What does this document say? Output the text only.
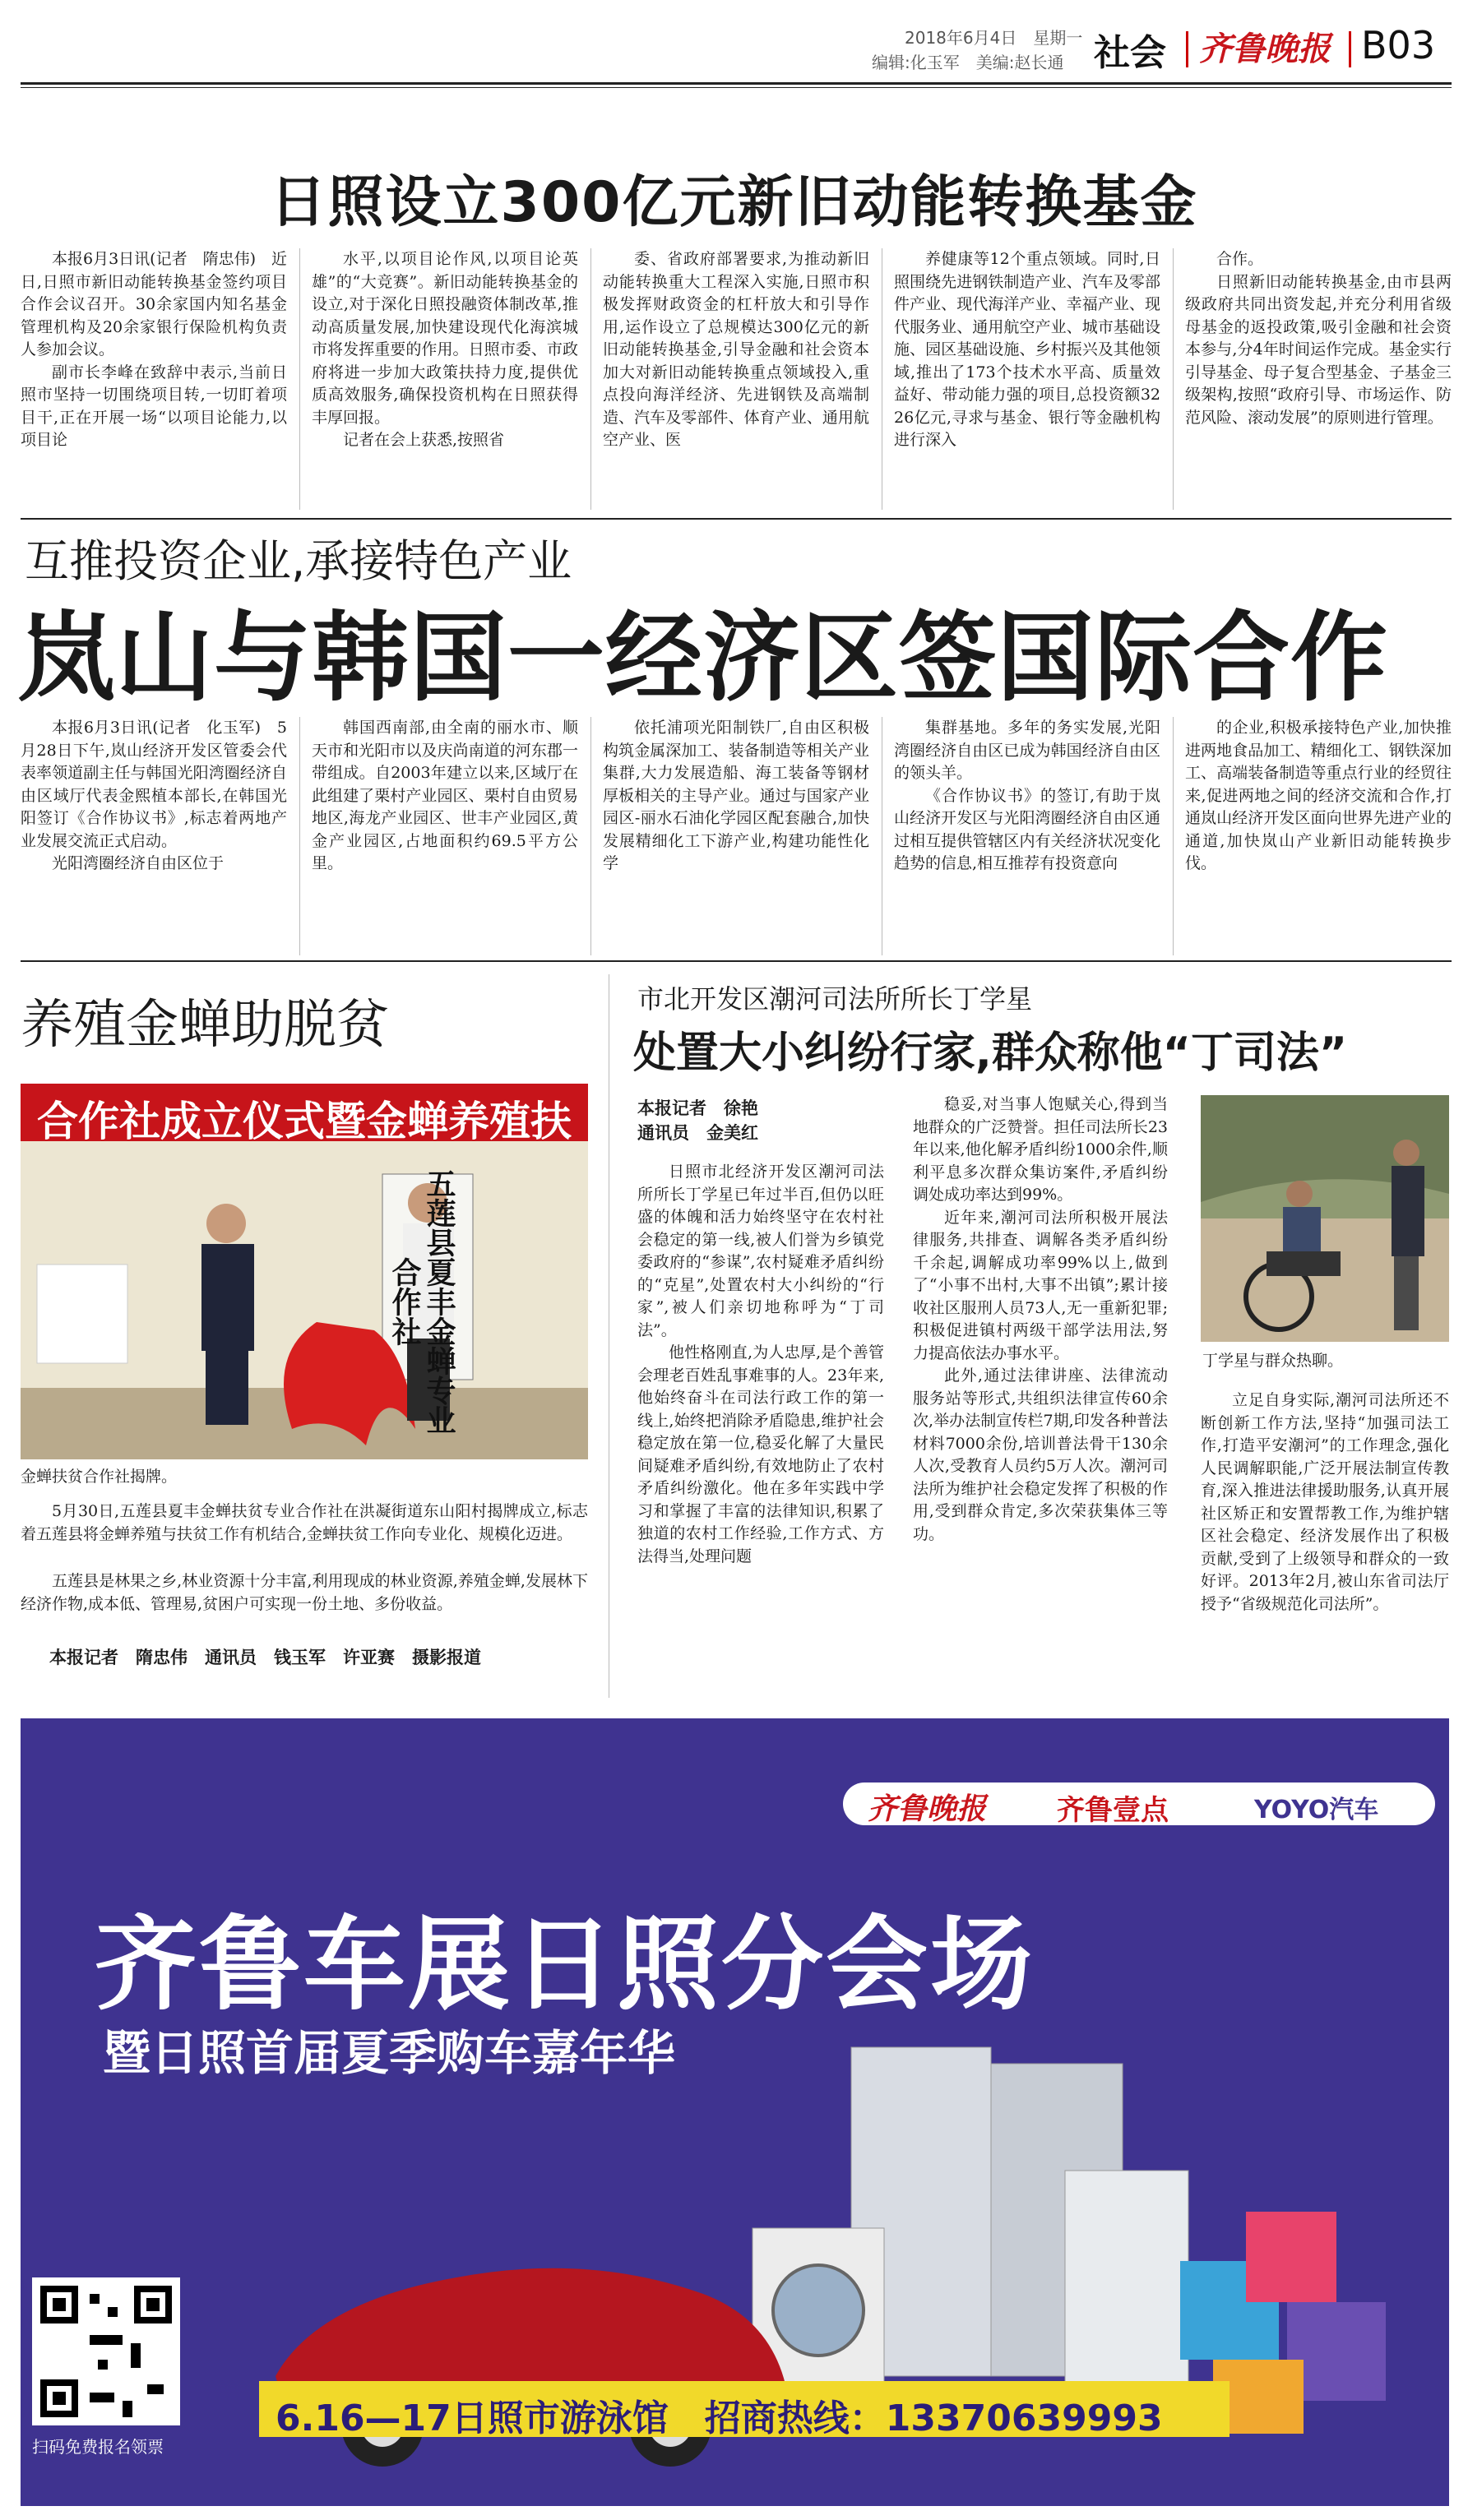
2018年6月4日　星期一
编辑:化玉军　美编:赵长通 社会 齐鲁晚报 B03
日照设立300亿元新旧动能转换基金

本报6月3日讯(记者　隋忠伟)　近日,日照市新旧动能转换基金签约项目合作会议召开。30余家国内知名基金管理机构及20余家银行保险机构负责人参加会议。

副市长李峰在致辞中表示,当前日照市坚持一切围绕项目转,一切盯着项目干,正在开展一场“以项目论能力,以项目论

水平,以项目论作风,以项目论英雄”的“大竞赛”。新旧动能转换基金的设立,对于深化日照投融资体制改革,推动高质量发展,加快建设现代化海滨城市将发挥重要的作用。日照市委、市政府将进一步加大政策扶持力度,提供优质高效服务,确保投资机构在日照获得丰厚回报。

记者在会上获悉,按照省

委、省政府部署要求,为推动新旧动能转换重大工程深入实施,日照市积极发挥财政资金的杠杆放大和引导作用,运作设立了总规模达300亿元的新旧动能转换基金,引导金融和社会资本加大对新旧动能转换重点领域投入,重点投向海洋经济、先进钢铁及高端制造、汽车及零部件、体育产业、通用航空产业、医

养健康等12个重点领域。同时,日照围绕先进钢铁制造产业、汽车及零部件产业、现代海洋产业、幸福产业、现代服务业、通用航空产业、城市基础设施、园区基础设施、乡村振兴及其他领域,推出了173个技术水平高、质量效益好、带动能力强的项目,总投资额3226亿元,寻求与基金、银行等金融机构进行深入

合作。

日照新旧动能转换基金,由市县两级政府共同出资发起,并充分利用省级母基金的返投政策,吸引金融和社会资本参与,分4年时间运作完成。基金实行引导基金、母子复合型基金、子基金三级架构,按照“政府引导、市场运作、防范风险、滚动发展”的原则进行管理。

互推投资企业,承接特色产业
岚山与韩国一经济区签国际合作

本报6月3日讯(记者　化玉军)　5月28日下午,岚山经济开发区管委会代表率领道副主任与韩国光阳湾圈经济自由区域厅代表金熙植本部长,在韩国光阳签订《合作协议书》,标志着两地产业发展交流正式启动。

光阳湾圈经济自由区位于

韩国西南部,由全南的丽水市、顺天市和光阳市以及庆尚南道的河东郡一带组成。自2003年建立以来,区域厅在此组建了栗村产业园区、栗村自由贸易地区,海龙产业园区、世丰产业园区,黄金产业园区,占地面积约69.5平方公里。

依托浦项光阳制铁厂,自由区积极构筑金属深加工、装备制造等相关产业集群,大力发展造船、海工装备等钢材厚板相关的主导产业。通过与国家产业园区-丽水石油化学园区配套融合,加快发展精细化工下游产业,构建功能性化学

集群基地。多年的务实发展,光阳湾圈经济自由区已成为韩国经济自由区的领头羊。

《合作协议书》的签订,有助于岚山经济开发区与光阳湾圈经济自由区通过相互提供管辖区内有关经济状况变化趋势的信息,相互推荐有投资意向

的企业,积极承接特色产业,加快推进两地食品加工、精细化工、钢铁深加工、高端装备制造等重点行业的经贸往来,促进两地之间的经济交流和合作,打通岚山经济开发区面向世界先进产业的通道,加快岚山产业新旧动能转换步伐。

养殖金蝉助脱贫
合作社成立仪式暨金蝉养殖扶
五莲县夏丰金蝉专业合作社
金蝉扶贫合作社揭牌。

5月30日,五莲县夏丰金蝉扶贫专业合作社在洪凝街道东山阳村揭牌成立,标志着五莲县将金蝉养殖与扶贫工作有机结合,金蝉扶贫工作向专业化、规模化迈进。

五莲县是林果之乡,林业资源十分丰富,利用现成的林业资源,养殖金蝉,发展林下经济作物,成本低、管理易,贫困户可实现一份土地、多份收益。

本报记者　隋忠伟　通讯员　钱玉军　许亚赛　摄影报道
市北开发区潮河司法所所长丁学星
处置大小纠纷行家,群众称他“丁司法”
本报记者　徐艳
通讯员　金美红

日照市北经济开发区潮河司法所所长丁学星已年过半百,但仍以旺盛的体魄和活力始终坚守在农村社会稳定的第一线,被人们誉为乡镇党委政府的“参谋”,农村疑难矛盾纠纷的“克星”,处置农村大小纠纷的“行家”,被人们亲切地称呼为“丁司法”。

他性格刚直,为人忠厚,是个善管会理老百姓乱事难事的人。23年来,他始终奋斗在司法行政工作的第一线上,始终把消除矛盾隐患,维护社会稳定放在第一位,稳妥化解了大量民间疑难矛盾纠纷,有效地防止了农村矛盾纠纷激化。他在多年实践中学习和掌握了丰富的法律知识,积累了独道的农村工作经验,工作方式、方法得当,处理问题

稳妥,对当事人饱赋关心,得到当地群众的广泛赞誉。担任司法所长23年以来,他化解矛盾纠纷1000余件,顺利平息多次群众集访案件,矛盾纠纷调处成功率达到99%。

近年来,潮河司法所积极开展法律服务,共排查、调解各类矛盾纠纷千余起,调解成功率99%以上,做到了“小事不出村,大事不出镇”;累计接收社区服刑人员73人,无一重新犯罪;积极促进镇村两级干部学法用法,努力提高依法办事水平。

此外,通过法律讲座、法律流动服务站等形式,共组织法律宣传60余次,举办法制宣传栏7期,印发各种普法材料7000余份,培训普法骨干130余人次,受教育人员约5万人次。潮河司法所为维护社会稳定发挥了积极的作用,受到群众肯定,多次荣获集体三等功。

丁学星与群众热聊。

立足自身实际,潮河司法所还不断创新工作方法,坚持“加强司法工作,打造平安潮河”的工作理念,强化人民调解职能,广泛开展法制宣传教育,深入推进法律援助服务,认真开展社区矫正和安置帮教工作,为维护辖区社会稳定、经济发展作出了积极贡献,受到了上级领导和群众的一致好评。2013年2月,被山东省司法厅授予“省级规范化司法所”。

齐鲁晚报	齐鲁壹点	YOYO汽车
齐鲁车展日照分会场
暨日照首届夏季购车嘉年华
扫码免费报名领票
6.16—17日照市游泳馆　招商热线：13370639993
